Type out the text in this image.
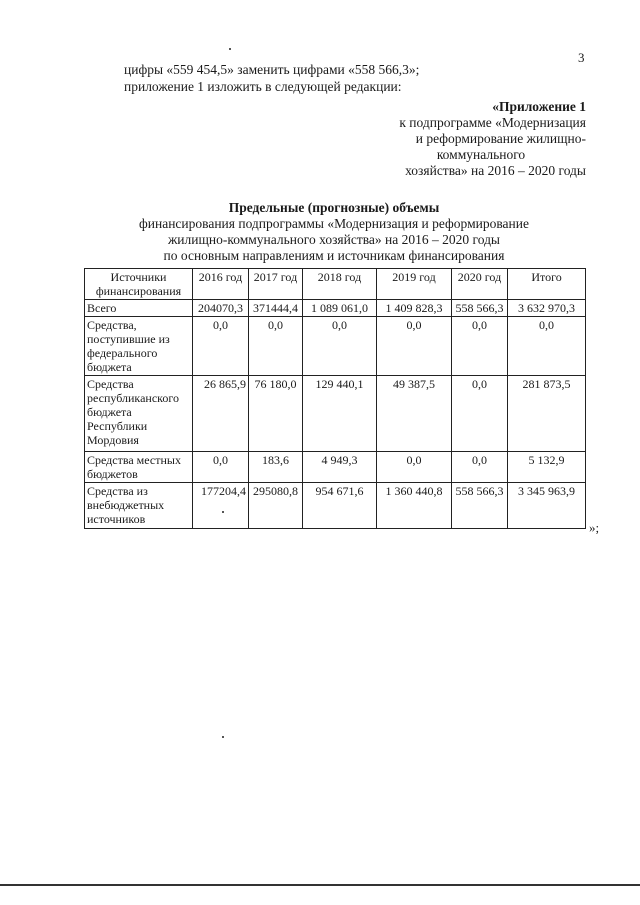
3
цифры «559 454,5» заменить цифрами «558 566,3»;
приложение 1 изложить в следующей редакции:
«Приложение 1
к подпрограмме «Модернизация
и реформирование жилищно-
коммунального
хозяйства» на 2016 – 2020 годы
Предельные (прогнозные) объемы
финансирования подпрограммы «Модернизация и реформирование
жилищно-коммунального хозяйства» на 2016 – 2020 годы
по основным направлениям и источникам финансирования
Источники финансирования	2016 год	2017 год	2018 год	2019 год	2020 год	Итого
Всего	204070,3	371444,4	1 089 061,0	1 409 828,3	558 566,3	3 632 970,3
Средства, поступившие из федерального бюджета	0,0	0,0	0,0	0,0	0,0	0,0
Средства республиканского бюджета Республики Мордовия	26 865,9	76 180,0	129 440,1	49 387,5	0,0	281 873,5
Средства местных бюджетов	0,0	183,6	4 949,3	0,0	0,0	5 132,9
Средства из внебюджетных источников	177204,4	295080,8	954 671,6	1 360 440,8	558 566,3	3 345 963,9
»;
